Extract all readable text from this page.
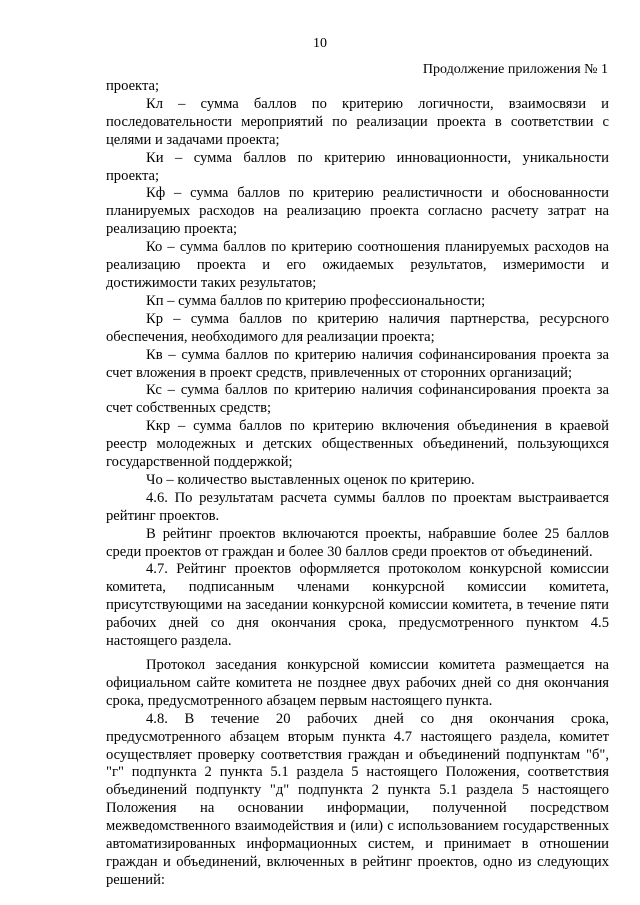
10
Продолжение приложения № 1

проекта;

Кл – сумма баллов по критерию логичности, взаимосвязи и последовательности мероприятий по реализации проекта в соответствии с целями и задачами проекта;

Ки – сумма баллов по критерию инновационности, уникальности проекта;

Кф – сумма баллов по критерию реалистичности и обоснованности планируемых расходов на реализацию проекта согласно расчету затрат на реализацию проекта;

Ко – сумма баллов по критерию соотношения планируемых расходов на реализацию проекта и его ожидаемых результатов, измеримости и достижимости таких результатов;

Кп – сумма баллов по критерию профессиональности;

Кр – сумма баллов по критерию наличия партнерства, ресурсного обеспечения, необходимого для реализации проекта;

Кв – сумма баллов по критерию наличия софинансирования проекта за счет вложения в проект средств, привлеченных от сторонних организаций;

Кс – сумма баллов по критерию наличия софинансирования проекта за счет собственных средств;

Ккр – сумма баллов по критерию включения объединения в краевой реестр молодежных и детских общественных объединений, пользующихся государственной поддержкой;

Чо – количество выставленных оценок по критерию.

4.6. По результатам расчета суммы баллов по проектам выстраивается рейтинг проектов.

В рейтинг проектов включаются проекты, набравшие более 25 баллов среди проектов от граждан и более 30 баллов среди проектов от объединений.

4.7. Рейтинг проектов оформляется протоколом конкурсной комиссии комитета, подписанным членами конкурсной комиссии комитета, присутствующими на заседании конкурсной комиссии комитета, в течение пяти рабочих дней со дня окончания срока, предусмотренного пунктом 4.5 настоящего раздела.

Протокол заседания конкурсной комиссии комитета размещается на официальном сайте комитета не позднее двух рабочих дней со дня окончания срока, предусмотренного абзацем первым настоящего пункта.

4.8. В течение 20 рабочих дней со дня окончания срока, предусмотренного абзацем вторым пункта 4.7 настоящего раздела, комитет осуществляет проверку соответствия граждан и объединений подпунктам "б", "г" подпункта 2 пункта 5.1 раздела 5 настоящего Положения, соответствия объединений подпункту "д" подпункта 2 пункта 5.1 раздела 5 настоящего Положения на основании информации, полученной посредством межведомственного взаимодействия и (или) с использованием государственных автоматизированных информационных систем, и принимает в отношении граждан и объединений, включенных в рейтинг проектов, одно из следующих решений:
